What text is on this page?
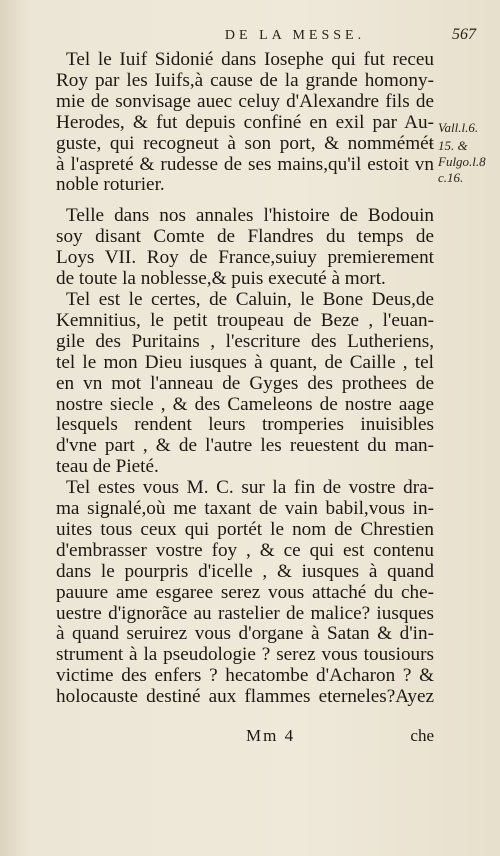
DE LA MESSE.	567
Tel le Iuif Sidonié dans Iosephe qui fut receu
Roy par les Iuifs,à cause de la grande homony-
mie de sonvisage auec celuy d'Alexandre fils de
Herodes, & fut depuis confiné en exil par Au-
guste, qui recogneut à son port, & nomméméŧ
à l'aspreté & rudesse de ses mains,qu'il estoit vn
noble roturier.
Telle dans nos annales l'histoire de Bodouin
soy disant Comte de Flandres du temps de
Loys VII. Roy de France,suiuy premierement
de toute la noblesse,& puis executé à mort.
Tel est le certes, de Caluin, le Bone Deus,de
Kemnitius, le petit troupeau de Beze , l'euan-
gile des Puritains , l'escriture des Lutheriens,
tel le mon Dieu iusques à quant, de Caille , tel
en vn mot l'anneau de Gyges des prothees de
nostre siecle , & des Cameleons de nostre aage
lesquels rendent leurs tromperies inuisibles
d'vne part , & de l'autre les reuestent du man-
teau de Pieté.
Tel estes vous M. C. sur la fin de vostre dra-
ma signalé,où me taxant de vain babil,vous in-
uites tous ceux qui portét le nom de Chrestien
d'embrasser vostre foy , & ce qui est contenu
dans le pourpris d'icelle , & iusques à quand
pauure ame esgaree serez vous attaché du che-
uestre d'ignorãce au rastelier de malice? iusques
à quand seruirez vous d'organe à Satan & d'in-
strument à la pseudologie ? serez vous tousiours
victime des enfers ? hecatombe d'Acharon ? &
holocauste destiné aux flammes eterneles?Ayez
Vall.l.6.
15. &
Fulgo.l.8
c.16.
Mm 4	che
